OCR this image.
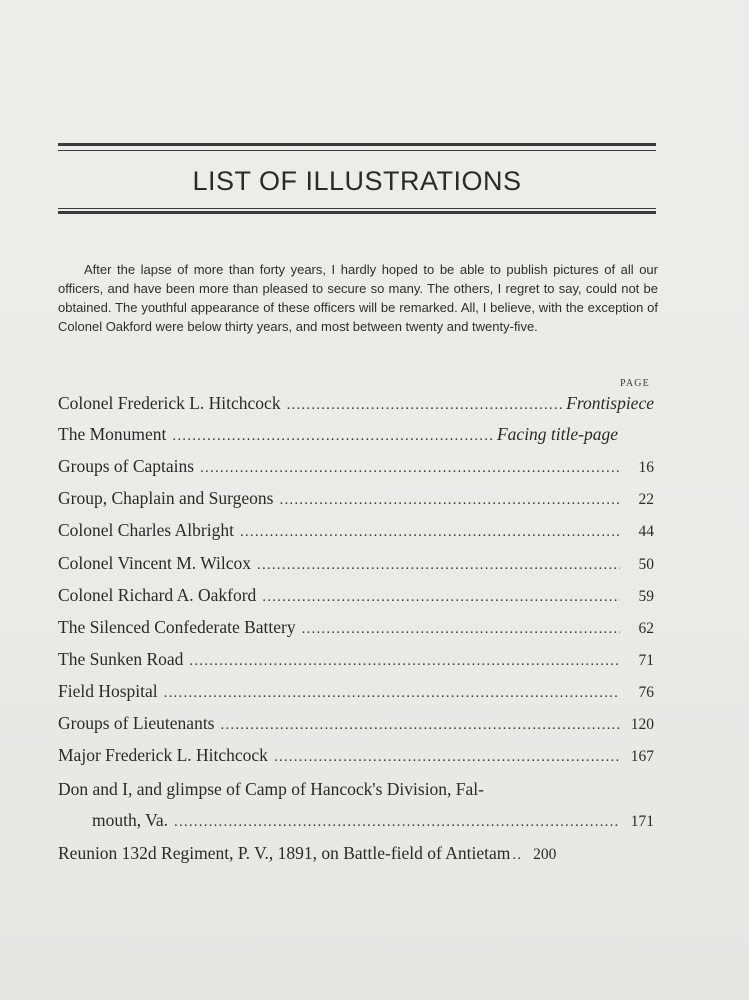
LIST OF ILLUSTRATIONS

After the lapse of more than forty years, I hardly hoped to be able to publish pictures of all our officers, and have been more than pleased to secure so many. The others, I regret to say, could not be obtained. The youthful appearance of these officers will be remarked. All, I believe, with the exception of Colonel Oakford were below thirty years, and most between twenty and twenty-five.

PAGE
Colonel Frederick L. Hitchcock .....	Frontispiece
The Monument .....	Facing title-page
Groups of Captains .....	16
Group, Chaplain and Surgeons .....	22
Colonel Charles Albright .....	44
Colonel Vincent M. Wilcox .....	50
Colonel Richard A. Oakford .....	59
The Silenced Confederate Battery .....	62
The Sunken Road .....	71
Field Hospital .....	76
Groups of Lieutenants .....	120
Major Frederick L. Hitchcock .....	167
Don and I, and glimpse of Camp of Hancock's Division, Fal-
mouth, Va. .....	171
Reunion 132d Regiment, P. V., 1891, on Battle-field of Antietam .....	200
